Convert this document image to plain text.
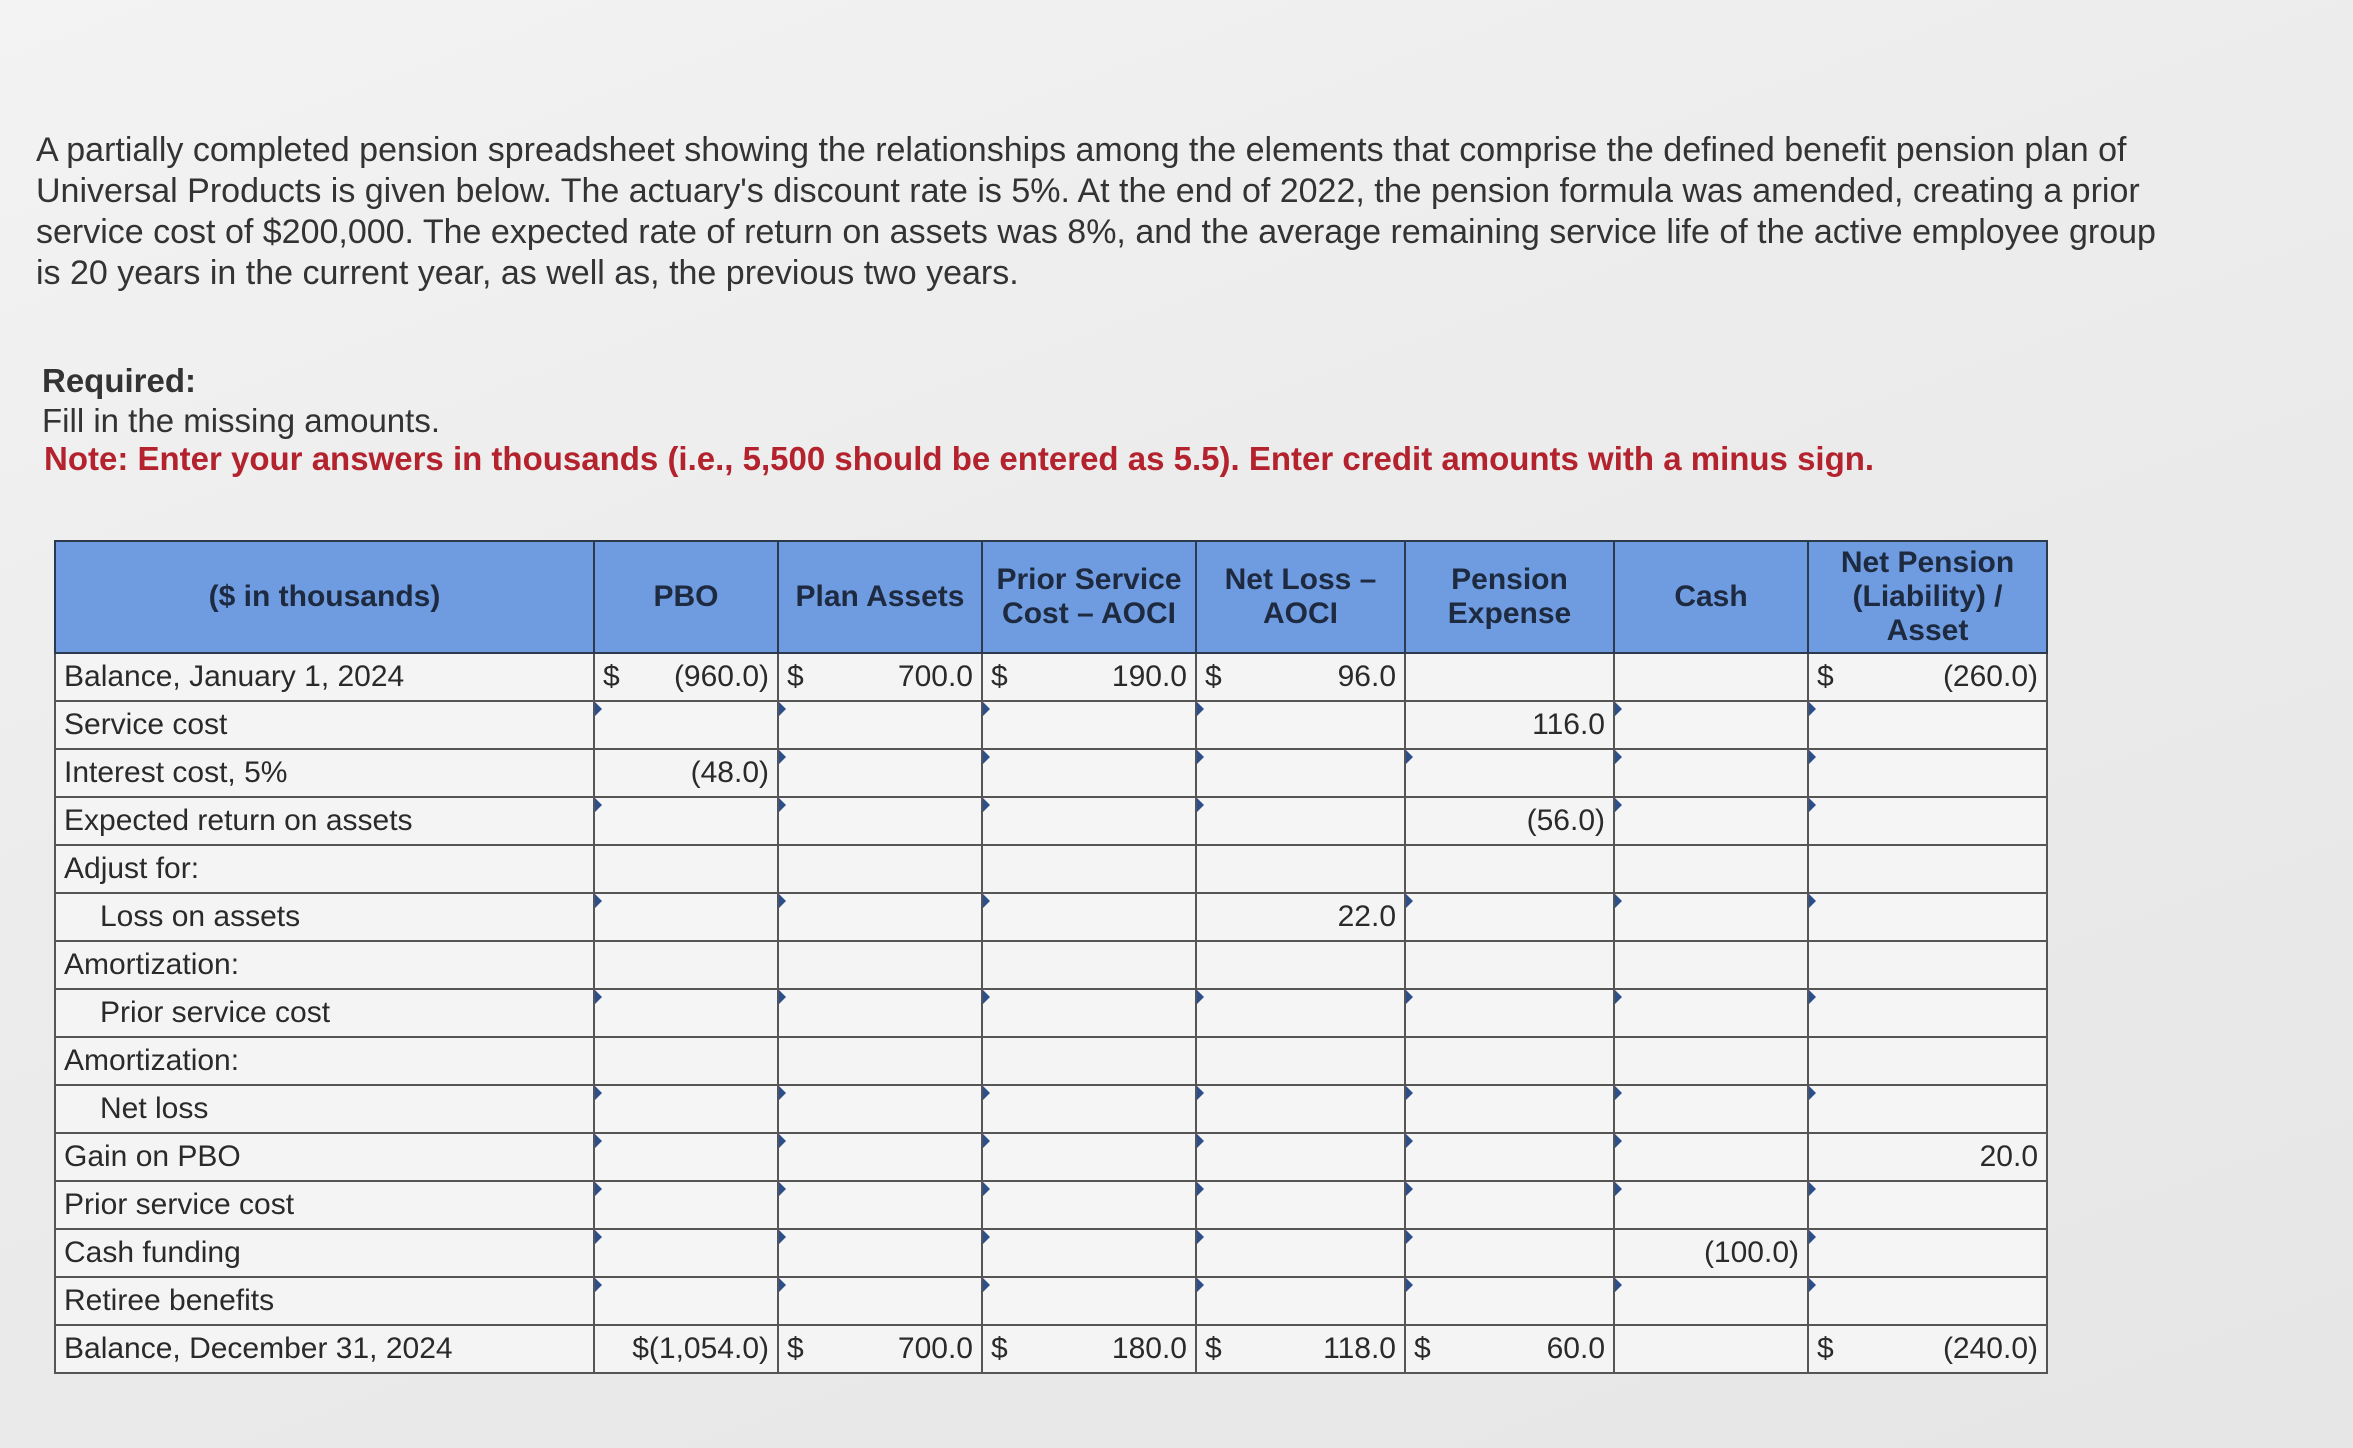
A partially completed pension spreadsheet showing the relationships among the elements that comprise the defined benefit pension plan of Universal Products is given below. The actuary's discount rate is 5%. At the end of 2022, the pension formula was amended, creating a prior service cost of $200,000. The expected rate of return on assets was 8%, and the average remaining service life of the active employee group is 20 years in the current year, as well as, the previous two years.
Required:
Fill in the missing amounts.
Note: Enter your answers in thousands (i.e., 5,500 should be entered as 5.5). Enter credit amounts with a minus sign.
($ in thousands)	PBO	Plan Assets	Prior Service Cost – AOCI	Net Loss – AOCI	Pension Expense	Cash	Net Pension (Liability) / Asset
Balance, January 1, 2024	$ (960.0)	$ 700.0	$ 190.0	$ 96.0			$ (260.0)
Service cost					116.0		
Interest cost, 5%	(48.0)						
Expected return on assets					(56.0)		
Adjust for:							
Loss on assets				22.0			
Amortization:							
Prior service cost							
Amortization:							
Net loss							
Gain on PBO							20.0
Prior service cost							
Cash funding						(100.0)	
Retiree benefits							
Balance, December 31, 2024	$(1,054.0)	$ 700.0	$ 180.0	$ 118.0	$ 60.0		$ (240.0)
